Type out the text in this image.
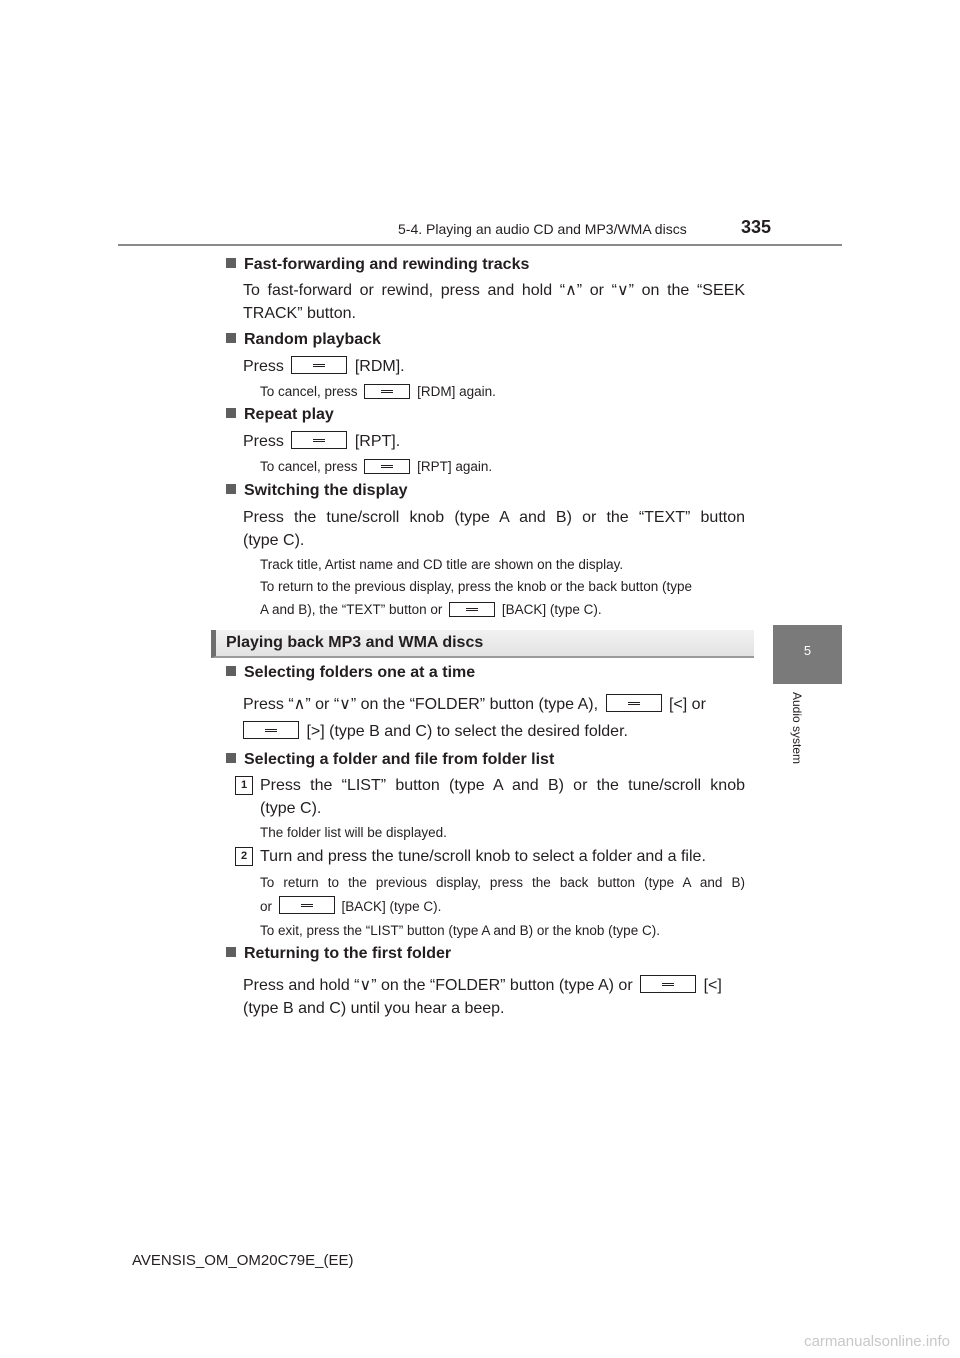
5-4. Playing an audio CD and MP3/WMA discs	335
5
Audio system
Fast-forwarding and rewinding tracks
To fast-forward or rewind, press and hold “∧” or “∨” on the “SEEK
TRACK” button.
Random playback
Press	[RDM].
To cancel, press	[RDM] again.
Repeat play
Press	[RPT].
To cancel, press	[RPT] again.
Switching the display
Press the tune/scroll knob (type A and B) or the “TEXT” button
(type C).
Track title, Artist name and CD title are shown on the display.
To return to the previous display, press the knob or the back button (type
A and B), the “TEXT” button or	[BACK] (type C).
Playing back MP3 and WMA discs
Selecting folders one at a time
Press “∧” or “∨” on the “FOLDER” button (type A),	[<] or
[>] (type B and C) to select the desired folder.
Selecting a folder and file from folder list
1 Press the “LIST” button (type A and B) or the tune/scroll knob
(type C).
The folder list will be displayed.
2 Turn and press the tune/scroll knob to select a folder and a file.
To return to the previous display, press the back button (type A and B)
or	[BACK] (type C).
To exit, press the “LIST” button (type A and B) or the knob (type C).
Returning to the first folder
Press and hold “∨” on the “FOLDER” button (type A) or	[<]
(type B and C) until you hear a beep.
AVENSIS_OM_OM20C79E_(EE)
carmanualsonline.info
